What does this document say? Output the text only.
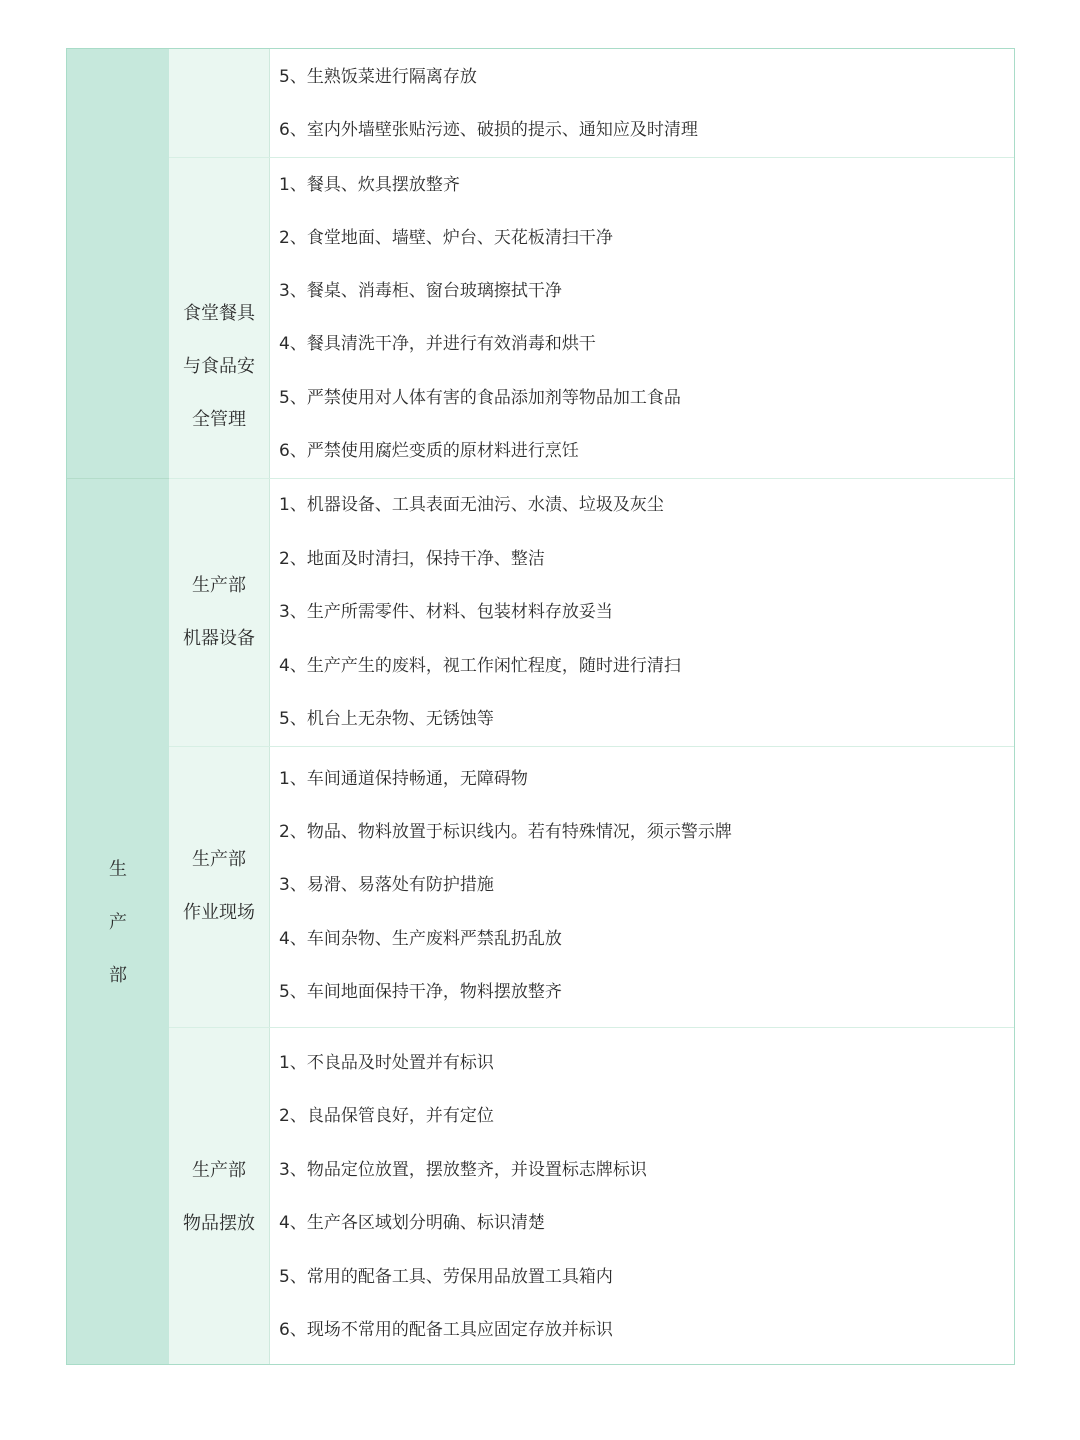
生
产
部
5、生熟饭菜进行隔离存放
6、室内外墙壁张贴污迹、破损的提示、通知应及时清理
食堂餐具
与食品安
全管理
1、餐具、炊具摆放整齐
2、食堂地面、墙壁、炉台、天花板清扫干净
3、餐桌、消毒柜、窗台玻璃擦拭干净
4、餐具清洗干净，并进行有效消毒和烘干
5、严禁使用对人体有害的食品添加剂等物品加工食品
6、严禁使用腐烂变质的原材料进行烹饪
生产部
机器设备
1、机器设备、工具表面无油污、水渍、垃圾及灰尘
2、地面及时清扫，保持干净、整洁
3、生产所需零件、材料、包装材料存放妥当
4、生产产生的废料，视工作闲忙程度，随时进行清扫
5、机台上无杂物、无锈蚀等
生产部
作业现场
1、车间通道保持畅通，无障碍物
2、物品、物料放置于标识线内。若有特殊情况，须示警示牌
3、易滑、易落处有防护措施
4、车间杂物、生产废料严禁乱扔乱放
5、车间地面保持干净，物料摆放整齐
生产部
物品摆放
1、不良品及时处置并有标识
2、良品保管良好，并有定位
3、物品定位放置，摆放整齐，并设置标志牌标识
4、生产各区域划分明确、标识清楚
5、常用的配备工具、劳保用品放置工具箱内
6、现场不常用的配备工具应固定存放并标识
